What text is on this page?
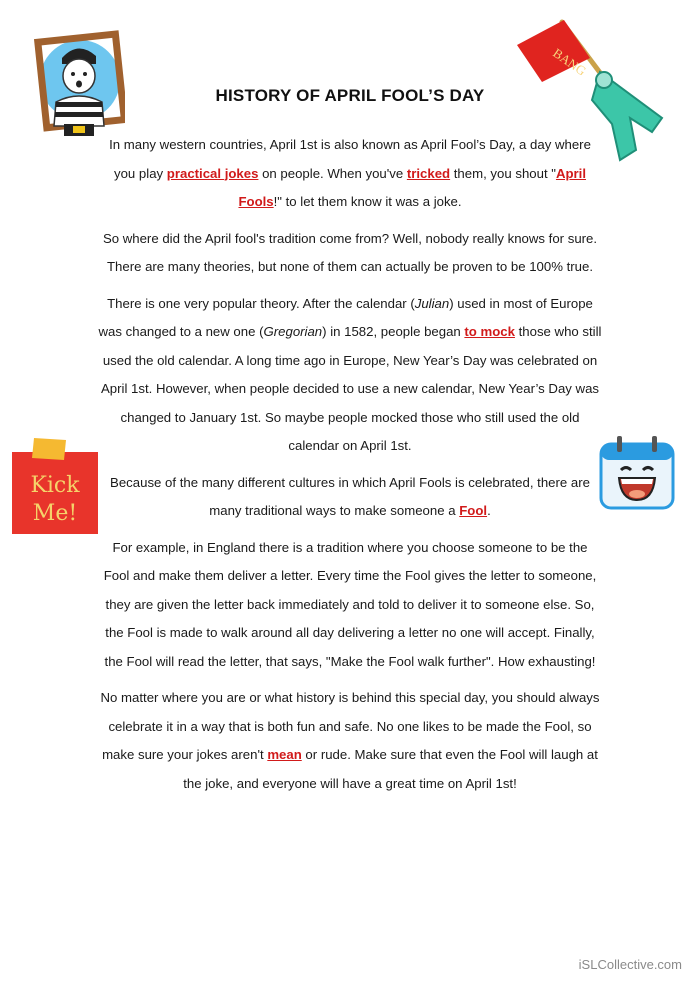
BANG
Kick
Me!
HISTORY OF APRIL FOOL’S DAY

In many western countries, April 1st is also known as April Fool’s Day, a day where you play practical jokes on people. When you've tricked them, you shout "April Fools!" to let them know it was a joke.

So where did the April fool's tradition come from? Well, nobody really knows for sure. There are many theories, but none of them can actually be proven to be 100% true.

There is one very popular theory. After the calendar (Julian) used in most of Europe was changed to a new one (Gregorian) in 1582, people began to mock those who still used the old calendar. A long time ago in Europe, New Year’s Day was celebrated on April 1st. However, when people decided to use a new calendar, New Year’s Day was changed to January 1st. So maybe people mocked those who still used the old calendar on April 1st.

Because of the many different cultures in which April Fools is celebrated, there are many traditional ways to make someone a Fool.

For example, in England there is a tradition where you choose someone to be the Fool and make them deliver a letter. Every time the Fool gives the letter to someone, they are given the letter back immediately and told to deliver it to someone else. So, the Fool is made to walk around all day delivering a letter no one will accept. Finally, the Fool will read the letter, that says, "Make the Fool walk further". How exhausting!

No matter where you are or what history is behind this special day, you should always celebrate it in a way that is both fun and safe. No one likes to be made the Fool, so make sure your jokes aren't mean or rude. Make sure that even the Fool will laugh at the joke, and everyone will have a great time on April 1st!

iSLCollective.com
